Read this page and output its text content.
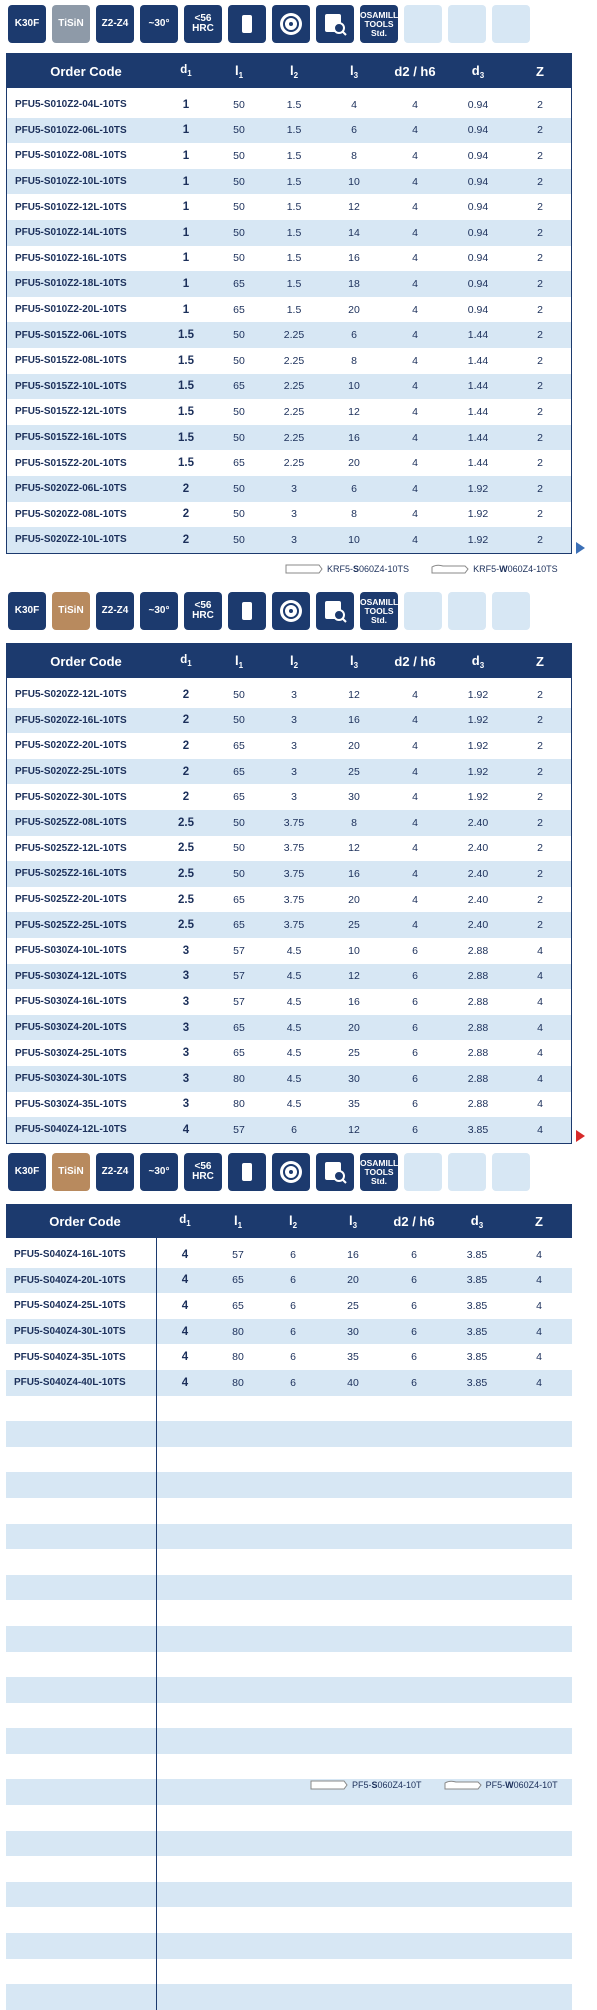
K30F	TiSiN	Z2-Z4	~30°	<56 HRC
OSAMILL TOOLS Std.
Order Code	$d_1$	$l_1$	$l_2$	$l_3$	d2 / h6	$d_3$	Z
PFU5-S010Z2-04L-10TS	1	50	1.5	4	4	0.94	2
PFU5-S010Z2-06L-10TS	1	50	1.5	6	4	0.94	2
PFU5-S010Z2-08L-10TS	1	50	1.5	8	4	0.94	2
PFU5-S010Z2-10L-10TS	1	50	1.5	10	4	0.94	2
PFU5-S010Z2-12L-10TS	1	50	1.5	12	4	0.94	2
PFU5-S010Z2-14L-10TS	1	50	1.5	14	4	0.94	2
PFU5-S010Z2-16L-10TS	1	50	1.5	16	4	0.94	2
PFU5-S010Z2-18L-10TS	1	65	1.5	18	4	0.94	2
PFU5-S010Z2-20L-10TS	1	65	1.5	20	4	0.94	2
PFU5-S015Z2-06L-10TS	1.5	50	2.25	6	4	1.44	2
PFU5-S015Z2-08L-10TS	1.5	50	2.25	8	4	1.44	2
PFU5-S015Z2-10L-10TS	1.5	65	2.25	10	4	1.44	2
PFU5-S015Z2-12L-10TS	1.5	50	2.25	12	4	1.44	2
PFU5-S015Z2-16L-10TS	1.5	50	2.25	16	4	1.44	2
PFU5-S015Z2-20L-10TS	1.5	65	2.25	20	4	1.44	2
PFU5-S020Z2-06L-10TS	2	50	3	6	4	1.92	2
PFU5-S020Z2-08L-10TS	2	50	3	8	4	1.92	2
PFU5-S020Z2-10L-10TS	2	50	3	10	4	1.92	2
KRF5- S 060Z4-10TS	KRF5- W 060Z4-10TS
K30F	TiSiN	Z2-Z4	~30°	<56 HRC
OSAMILL TOOLS Std.
Order Code	$d_1$	$l_1$	$l_2$	$l_3$	d2 / h6	$d_3$	Z
PFU5-S020Z2-12L-10TS	2	50	3	12	4	1.92	2
PFU5-S020Z2-16L-10TS	2	50	3	16	4	1.92	2
PFU5-S020Z2-20L-10TS	2	65	3	20	4	1.92	2
PFU5-S020Z2-25L-10TS	2	65	3	25	4	1.92	2
PFU5-S020Z2-30L-10TS	2	65	3	30	4	1.92	2
PFU5-S025Z2-08L-10TS	2.5	50	3.75	8	4	2.40	2
PFU5-S025Z2-12L-10TS	2.5	50	3.75	12	4	2.40	2
PFU5-S025Z2-16L-10TS	2.5	50	3.75	16	4	2.40	2
PFU5-S025Z2-20L-10TS	2.5	65	3.75	20	4	2.40	2
PFU5-S025Z2-25L-10TS	2.5	65	3.75	25	4	2.40	2
PFU5-S030Z4-10L-10TS	3	57	4.5	10	6	2.88	4
PFU5-S030Z4-12L-10TS	3	57	4.5	12	6	2.88	4
PFU5-S030Z4-16L-10TS	3	57	4.5	16	6	2.88	4
PFU5-S030Z4-20L-10TS	3	65	4.5	20	6	2.88	4
PFU5-S030Z4-25L-10TS	3	65	4.5	25	6	2.88	4
PFU5-S030Z4-30L-10TS	3	80	4.5	30	6	2.88	4
PFU5-S030Z4-35L-10TS	3	80	4.5	35	6	2.88	4
PFU5-S040Z4-12L-10TS	4	57	6	12	6	3.85	4
K30F	TiSiN	Z2-Z4	~30°	<56 HRC
OSAMILL TOOLS Std.
Order Code	$d_1$	$l_1$	$l_2$	$l_3$	d2 / h6	$d_3$	Z
PFU5-S040Z4-16L-10TS	4	57	6	16	6	3.85	4
PFU5-S040Z4-20L-10TS	4	65	6	20	6	3.85	4
PFU5-S040Z4-25L-10TS	4	65	6	25	6	3.85	4
PFU5-S040Z4-30L-10TS	4	80	6	30	6	3.85	4
PFU5-S040Z4-35L-10TS	4	80	6	35	6	3.85	4
PFU5-S040Z4-40L-10TS	4	80	6	40	6	3.85	4
PF5- S 060Z4-10T	PF5- W 060Z4-10T
